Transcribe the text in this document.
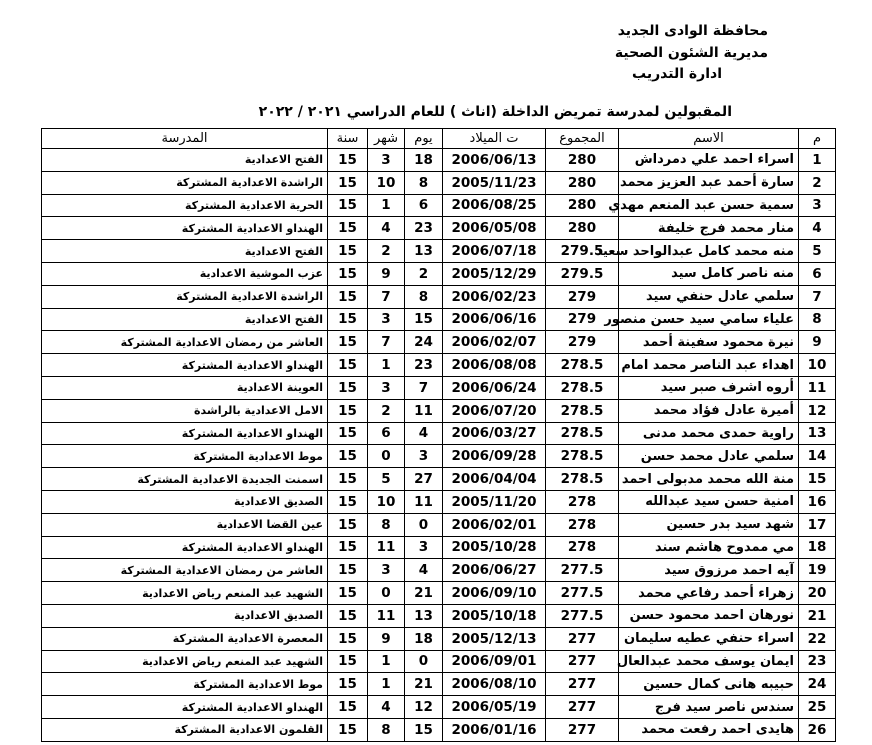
محافظة الوادى الجديد
مديرية الشئون الصحية
ادارة التدريب
المقبولين لمدرسة تمريض الداخلة (اناث ) للعام الدراسي ٢٠٢١ / ٢٠٢٢
م	الاسم	المجموع	ت الميلاد	يوم	شهر	سنة	المدرسة
1	اسراء احمد علي دمرداش	280	2006/06/13	18	3	15	الفتح الاعدادية
2	سارة أحمد عبد العزيز محمد	280	2005/11/23	8	10	15	الراشدة الاعدادية المشتركة
3	سمية حسن عبد المنعم مهدي	280	2006/08/25	6	1	15	الحرية الاعدادية المشتركة
4	منار محمد فرج خليفة	280	2006/05/08	23	4	15	الهنداو الاعدادية المشتركة
5	منه محمد كامل عبدالواحد سعيد	279.5	2006/07/18	13	2	15	الفتح الاعدادية
6	منه ناصر كامل سيد	279.5	2005/12/29	2	9	15	عزب الموشية الاعدادية
7	سلمي عادل حنفي سيد	279	2006/02/23	8	7	15	الراشدة الاعدادية المشتركة
8	علياء سامي سيد حسن منصور	279	2006/06/16	15	3	15	الفتح الاعدادية
9	نيرة محمود سفينة أحمد	279	2006/02/07	24	7	15	العاشر من رمضان الاعدادية المشتركة
10	اهداء عبد الناصر محمد امام	278.5	2006/08/08	23	1	15	الهنداو الاعدادية المشتركة
11	أروه اشرف صبر سيد	278.5	2006/06/24	7	3	15	العوينة الاعدادية
12	أميرة عادل فؤاد محمد	278.5	2006/07/20	11	2	15	الامل الاعدادية بالراشدة
13	راوية حمدى محمد مدنى	278.5	2006/03/27	4	6	15	الهنداو الاعدادية المشتركة
14	سلمي عادل محمد حسن	278.5	2006/09/28	3	0	15	موط الاعدادية المشتركة
15	منة الله محمد مدبولى احمد	278.5	2006/04/04	27	5	15	اسمنت الجديدة الاعدادية المشتركة
16	امنية حسن سيد عبدالله	278	2005/11/20	11	10	15	الصديق الاعدادية
17	شهد سيد بدر حسين	278	2006/02/01	0	8	15	عين القضا الاعدادية
18	مي ممدوح هاشم سند	278	2005/10/28	3	11	15	الهنداو الاعدادية المشتركة
19	آيه احمد مرزوق سيد	277.5	2006/06/27	4	3	15	العاشر من رمضان الاعدادية المشتركة
20	زهراء أحمد رفاعي محمد	277.5	2006/09/10	21	0	15	الشهيد عبد المنعم رياض الاعدادية
21	نورهان احمد محمود حسن	277.5	2005/10/18	13	11	15	الصديق الاعدادية
22	اسراء حنفي عطيه سليمان	277	2005/12/13	18	9	15	المعصرة الاعدادية المشتركة
23	ايمان يوسف محمد عبدالعال	277	2006/09/01	0	1	15	الشهيد عبد المنعم رياض الاعدادية
24	حبيبه هانى كمال حسين	277	2006/08/10	21	1	15	موط الاعدادية المشتركة
25	سندس ناصر سيد فرج	277	2006/05/19	12	4	15	الهنداو الاعدادية المشتركة
26	هايدى احمد رفعت محمد	277	2006/01/16	15	8	15	القلمون الاعدادية المشتركة
